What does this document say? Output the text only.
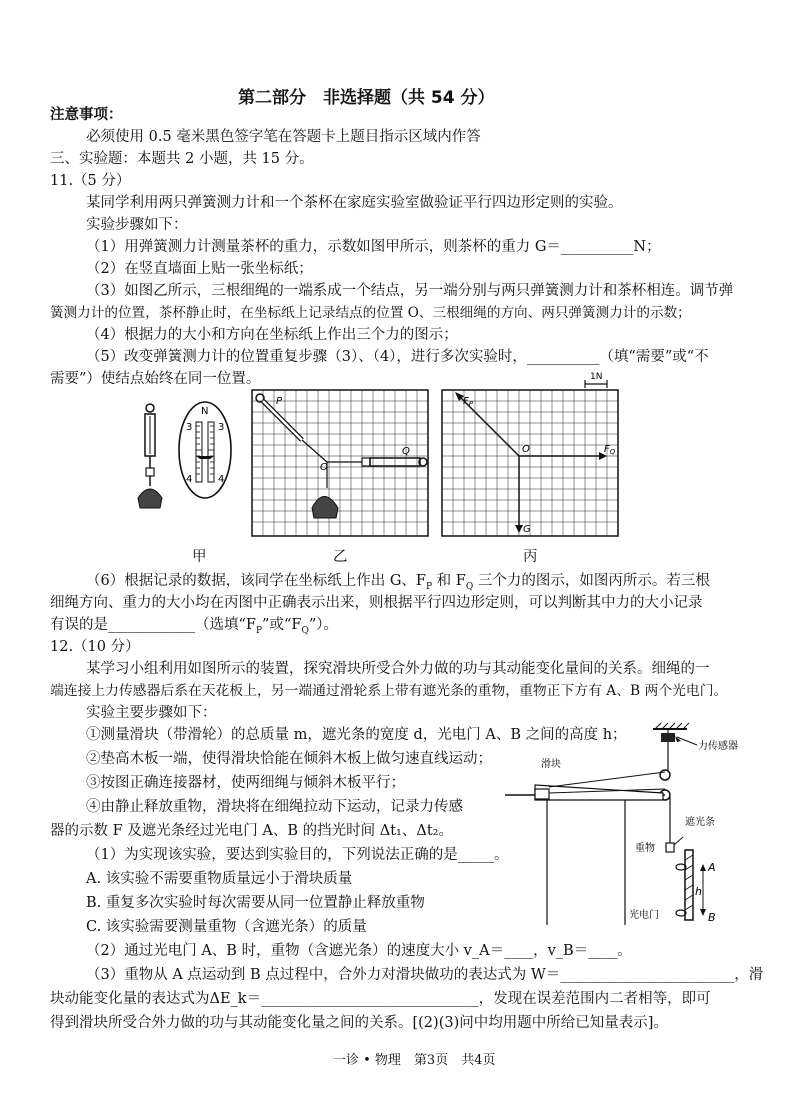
第二部分　非选择题（共 54 分）
注意事项：
必须使用 0.5 毫米黑色签字笔在答题卡上题目指示区域内作答
三、实验题：本题共 2 小题，共 15 分。
11.（5 分）
某同学利用两只弹簧测力计和一个茶杯在家庭实验室做验证平行四边形定则的实验。
实验步骤如下：
（1）用弹簧测力计测量茶杯的重力，示数如图甲所示，则茶杯的重力 G＝__________N；
（2）在竖直墙面上贴一张坐标纸；
（3）如图乙所示，三根细绳的一端系成一个结点，另一端分别与两只弹簧测力计和茶杯相连。调节弹
簧测力计的位置，茶杯静止时，在坐标纸上记录结点的位置 O、三根细绳的方向、两只弹簧测力计的示数；
（4）根据力的大小和方向在坐标纸上作出三个力的图示；
（5）改变弹簧测力计的位置重复步骤（3）、（4），进行多次实验时，__________（填“需要”或“不
需要”）使结点始终在同一位置。
N
3
4
3
4
P
Q
O
1N
$F_P$
$F_Q$
G
O
甲	乙	丙
（6）根据记录的数据，该同学在坐标纸上作出 G、$F_P$ 和 $F_Q$ 三个力的图示，如图丙所示。若三根
细绳方向、重力的大小均在丙图中正确表示出来，则根据平行四边形定则，可以判断其中力的大小记录
有误的是____________（选填“$F_P$”或“$F_Q$”）。
12.（10 分）
某学习小组利用如图所示的装置，探究滑块所受合外力做的功与其动能变化量间的关系。细绳的一
端连接上力传感器后系在天花板上，另一端通过滑轮系上带有遮光条的重物，重物正下方有 A、B 两个光电门。
实验主要步骤如下：
①测量滑块（带滑轮）的总质量 m，遮光条的宽度 d，光电门 A、B 之间的高度 h；
②垫高木板一端，使得滑块恰能在倾斜木板上做匀速直线运动；
③按图正确连接器材，使两细绳与倾斜木板平行；
④由静止释放重物，滑块将在细绳拉动下运动，记录力传感
器的示数 F 及遮光条经过光电门 A、B 的挡光时间 Δt₁、Δt₂。
（1）为实现该实验，要达到实验目的，下列说法正确的是_____。
A. 该实验不需要重物质量远小于滑块质量
B. 重复多次实验时每次需要从同一位置静止释放重物
C. 该实验需要测量重物（含遮光条）的质量
（2）通过光电门 A、B 时，重物（含遮光条）的速度大小 v_A＝____，v_B＝____。
（3）重物从 A 点运动到 B 点过程中，合外力对滑块做功的表达式为 W＝________________________，滑
块动能变化量的表达式为ΔE_k＝______________________________，发现在误差范围内二者相等，即可
得到滑块所受合外力做的功与其动能变化量之间的关系。[(2)(3)问中均用题中所给已知量表示]。
力传感器
滑块
遮光条
重物
A
B
h
光电门
一诊 • 物理　第3页　共4页
